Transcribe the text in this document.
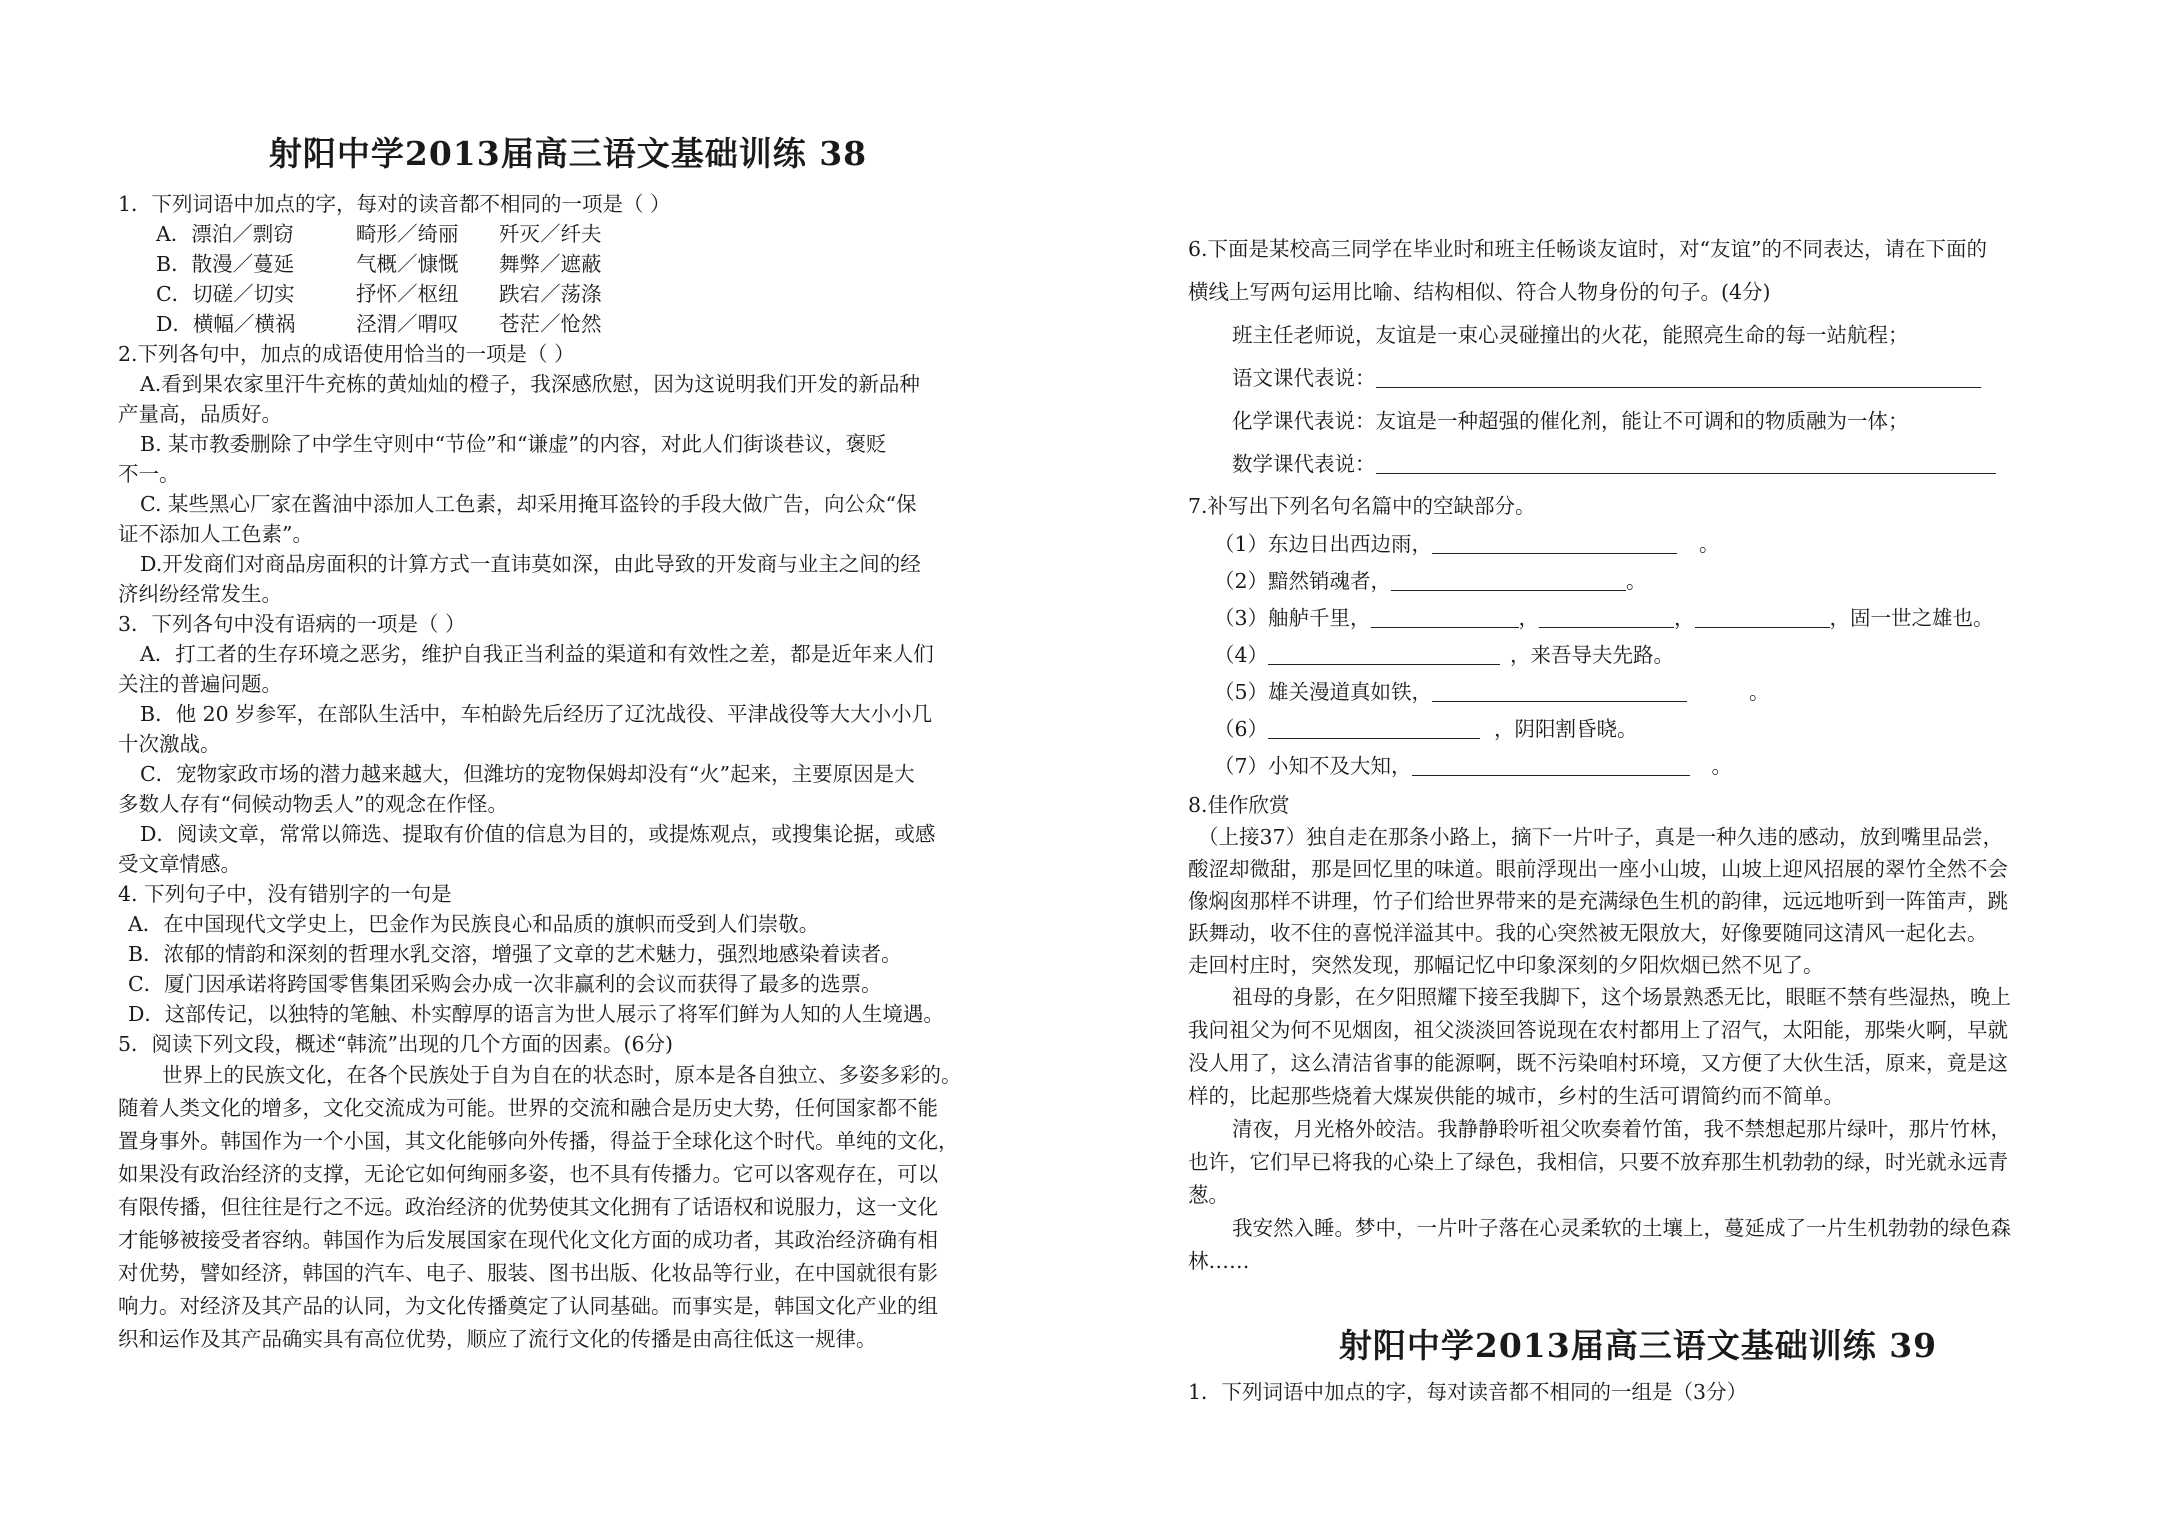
射阳中学2013届高三语文基础训练 38
1．下列词语中加点的字，每对的读音都不相同的一项是（ ）
A．漂泊／剽窃	畸形／绮丽 歼灭／纤夫
B．散漫／蔓延	气概／慷慨 舞弊／遮蔽
C．切磋／切实	抒怀／枢纽 跌宕／荡涤
D．横幅／横祸	泾渭／喟叹 苍茫／怆然
2.下列各句中，加点的成语使用恰当的一项是（ ）
A.看到果农家里汗牛充栋的黄灿灿的橙子，我深感欣慰，因为这说明我们开发的新品种
产量高，品质好。
B. 某市教委删除了中学生守则中“节俭”和“谦虚”的内容，对此人们街谈巷议，褒贬
不一。
C. 某些黑心厂家在酱油中添加人工色素，却采用掩耳盗铃的手段大做广告，向公众“保
证不添加人工色素”。
D.开发商们对商品房面积的计算方式一直讳莫如深，由此导致的开发商与业主之间的经
济纠纷经常发生。
3．下列各句中没有语病的一项是（ ）
A．打工者的生存环境之恶劣，维护自我正当利益的渠道和有效性之差，都是近年来人们
关注的普遍问题。
B．他 20 岁参军，在部队生活中，车柏龄先后经历了辽沈战役、平津战役等大大小小几
十次激战。
C．宠物家政市场的潜力越来越大，但潍坊的宠物保姆却没有“火”起来，主要原因是大
多数人存有“伺候动物丢人”的观念在作怪。
D．阅读文章，常常以筛选、提取有价值的信息为目的，或提炼观点，或搜集论据，或感
受文章情感。
4. 下列句子中，没有错别字的一句是
A．在中国现代文学史上，巴金作为民族良心和品质的旗帜而受到人们崇敬。
B．浓郁的情韵和深刻的哲理水乳交溶，增强了文章的艺术魅力，强烈地感染着读者。
C．厦门因承诺将跨国零售集团采购会办成一次非赢利的会议而获得了最多的选票。
D．这部传记，以独特的笔触、朴实醇厚的语言为世人展示了将军们鲜为人知的人生境遇。
5．阅读下列文段，概述“韩流”出现的几个方面的因素。(6分)
世界上的民族文化，在各个民族处于自为自在的状态时，原本是各自独立、多姿多彩的。
随着人类文化的增多，文化交流成为可能。世界的交流和融合是历史大势，任何国家都不能
置身事外。韩国作为一个小国，其文化能够向外传播，得益于全球化这个时代。单纯的文化，
如果没有政治经济的支撑，无论它如何绚丽多姿，也不具有传播力。它可以客观存在，可以
有限传播，但往往是行之不远。政治经济的优势使其文化拥有了话语权和说服力，这一文化
才能够被接受者容纳。韩国作为后发展国家在现代化文化方面的成功者，其政治经济确有相
对优势，譬如经济，韩国的汽车、电子、服装、图书出版、化妆品等行业，在中国就很有影
响力。对经济及其产品的认同，为文化传播奠定了认同基础。而事实是，韩国文化产业的组
织和运作及其产品确实具有高位优势，顺应了流行文化的传播是由高往低这一规律。
6.下面是某校高三同学在毕业时和班主任畅谈友谊时，对“友谊”的不同表达，请在下面的
横线上写两句运用比喻、结构相似、符合人物身份的句子。(4分)
班主任老师说，友谊是一束心灵碰撞出的火花，能照亮生命的每一站航程；
语文课代表说：
化学课代表说：友谊是一种超强的催化剂，能让不可调和的物质融为一体；
数学课代表说：
7.补写出下列名句名篇中的空缺部分。
（1）东边日出西边雨，	。
（2）黯然销魂者，	。
（3）舳舻千里，	，	，	，固一世之雄也。
（4）	，来吾导夫先路。
（5）雄关漫道真如铁，	。
（6）	，阴阳割昏晓。
（7）小知不及大知，	。
8.佳作欣赏
（上接37）独自走在那条小路上，摘下一片叶子，真是一种久违的感动，放到嘴里品尝，
酸涩却微甜，那是回忆里的味道。眼前浮现出一座小山坡，山坡上迎风招展的翠竹全然不会
像焖囱那样不讲理，竹子们给世界带来的是充满绿色生机的韵律，远远地听到一阵笛声，跳
跃舞动，收不住的喜悦洋溢其中。我的心突然被无限放大，好像要随同这清风一起化去。
走回村庄时，突然发现，那幅记忆中印象深刻的夕阳炊烟已然不见了。
祖母的身影，在夕阳照耀下接至我脚下，这个场景熟悉无比，眼眶不禁有些湿热，晚上
我问祖父为何不见烟囱，祖父淡淡回答说现在农村都用上了沼气，太阳能，那柴火啊，早就
没人用了，这么清洁省事的能源啊，既不污染咱村环境，又方便了大伙生活，原来，竟是这
样的，比起那些烧着大煤炭供能的城市，乡村的生活可谓简约而不简单。
清夜，月光格外皎洁。我静静聆听祖父吹奏着竹笛，我不禁想起那片绿叶，那片竹林，
也许，它们早已将我的心染上了绿色，我相信，只要不放弃那生机勃勃的绿，时光就永远青
葱。
我安然入睡。梦中，一片叶子落在心灵柔软的土壤上，蔓延成了一片生机勃勃的绿色森
林……
射阳中学2013届高三语文基础训练 39
1．下列词语中加点的字，每对读音都不相同的一组是（3分）
